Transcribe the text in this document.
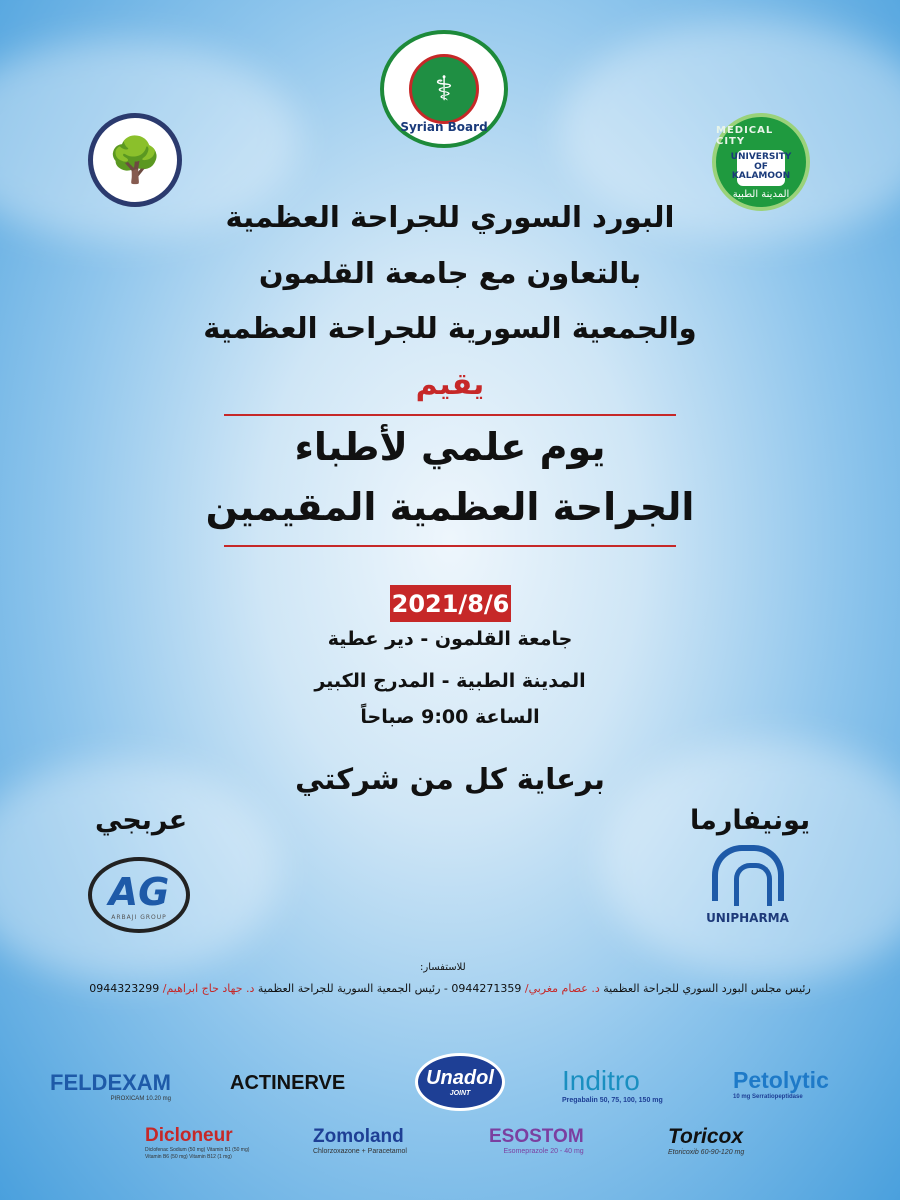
🌳
⚕
Syrian Board	MEDICAL CITY
UNIVERSITY OF KALAMOON
المدينة الطبية
البورد السوري للجراحة العظمية
بالتعاون مع جامعة القلمون
والجمعية السورية للجراحة العظمية
يقيم
يوم علمي لأطباء
الجراحة العظمية المقيمين
2021/8/6
جامعة القلمون - دير عطية
المدينة الطبية - المدرج الكبير
الساعة 9:00 صباحاً
برعاية كل من شركتي
عربجي	يونيفارما
AG
ARBAJI GROUP	UNIPHARMA
للاستفسار:
رئيس مجلس البورد السوري للجراحة العظمية د. عصام مغربي/ 0944271359 - رئيس الجمعية السورية للجراحة العظمية د. جهاد حاج ابراهيم/ 0944323299
FELDEXAM
PIROXICAM 10.20 mg
ACTINERVE	Unadol
JOINT	Inditro
Pregabalin 50, 75, 100, 150 mg
Petolytic
10 mg Serratiopeptidase
Dicloneur
Diclofenac Sodium (50 mg) Vitamin B1 (50 mg) Vitamin B6 (50 mg) Vitamin B12 (1 mg)
Zomoland
Chlorzoxazone + Paracetamol
ESOSTOM
Esomeprazole 20 - 40 mg
Toricox
Etoricoxib 60-90-120 mg
